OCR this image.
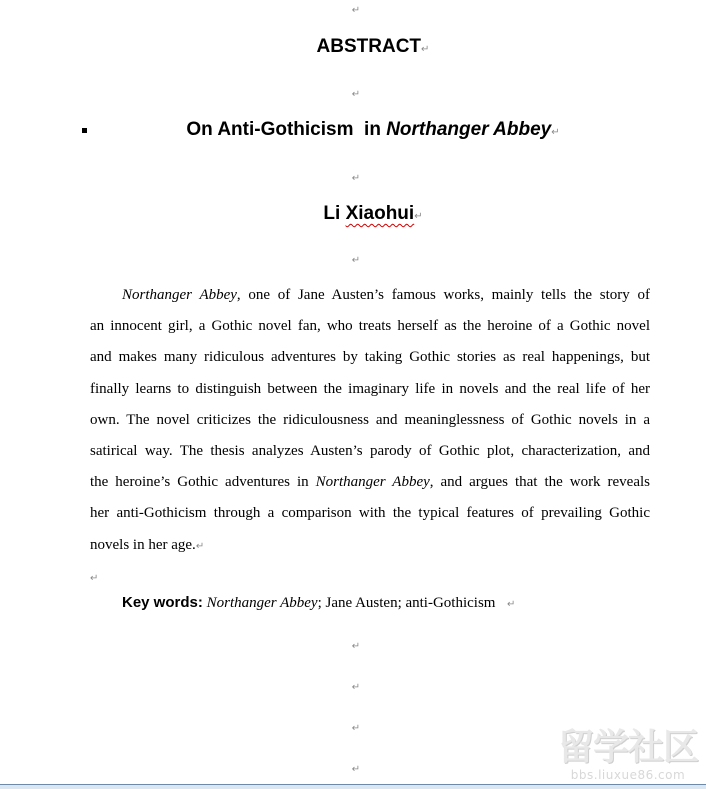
↵
ABSTRACT↵
↵
On Anti-Gothicism  in Northanger Abbey↵
↵
Li Xiaohui↵
↵
Northanger Abbey, one of Jane Austen’s famous works, mainly tells the story of
an innocent girl, a Gothic novel fan, who treats herself as the heroine of a Gothic novel
and makes many ridiculous adventures by taking Gothic stories as real happenings, but
finally learns to distinguish between the imaginary life in novels and the real life of her
own. The novel criticizes the ridiculousness and meaninglessness of Gothic novels in a
satirical way. The thesis analyzes Austen’s parody of Gothic plot, characterization, and
the heroine’s Gothic adventures in Northanger Abbey, and argues that the work reveals
her anti-Gothicism through a comparison with the typical features of prevailing Gothic
novels in her age.↵
↵
Key words: Northanger Abbey; Jane Austen; anti-Gothicism  ↵
↵
↵
↵
↵
留学社区
bbs.liuxue86.com
